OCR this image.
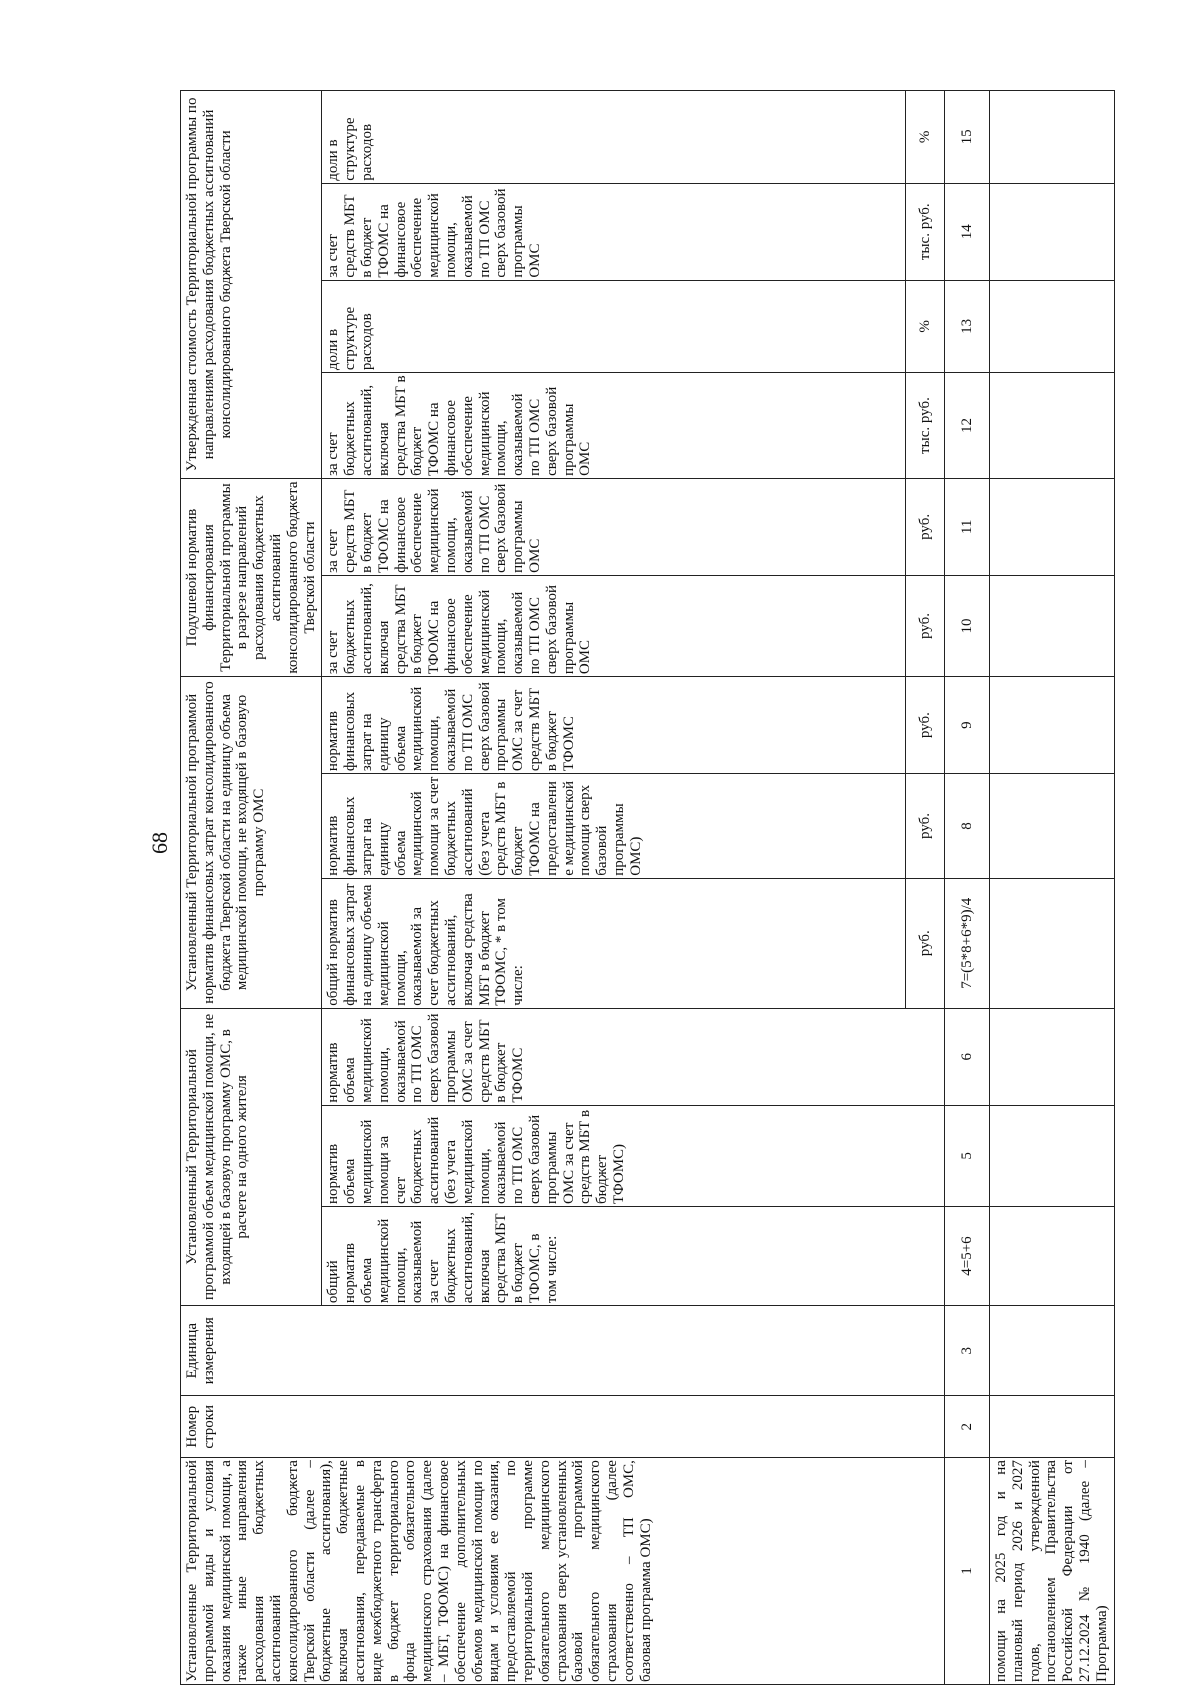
68
Установленные Территориальной программой виды и условия оказания медицинской помощи, а также иные направления расходования бюджетных ассигнований консолидированного бюджета Тверской области (далее – бюджетные ассигнования), включая бюджетные ассигнования, передаваемые в виде межбюджетного трансферта в бюджет территориального фонда обязательного медицинского страхования (далее – МБТ, ТФОМС) на финансовое обеспечение дополнительных объемов медицинской помощи по видам и условиям ее оказания, предоставляемой по территориальной программе обязательного медицинского страхования сверх установленных базовой программой обязательного медицинского страхования (далее соответственно – ТП ОМС, базовая программа ОМС)	Номер строки	Единица измерения	Установленный Территориальной программой объем медицинской помощи, не входящей в базовую программу ОМС, в расчете на одного жителя			Установленный Территориальной программой норматив финансовых затрат консолидированного бюджета Тверской области на единицу объема медицинской помощи, не входящей в базовую программу ОМС			Подушевой норматив финансирования Территориальной программы в разрезе направлений расходования бюджетных ассигнований консолидированного бюджета Тверской области		Утвержденная стоимость Территориальной программы по направлениям расходования бюджетных ассигнований консолидированного бюджета Тверской области			
			общий норматив объема медицинской помощи, оказываемой за счет бюджетных ассигнований, включая средства МБТ в бюджет ТФОМС, в том числе:	норматив объема медицинской помощи за счет бюджетных ассигнований (без учета медицинской помощи, оказываемой по ТП ОМС сверх базовой программы ОМС за счет средств МБТ в бюджет ТФОМС)	норматив объема медицинской помощи, оказываемой по ТП ОМС сверх базовой программы ОМС за счет средств МБТ в бюджет ТФОМС	общий норматив финансовых затрат на единицу объема медицинской помощи, оказываемой за счет бюджетных ассигнований, включая средства МБТ в бюджет ТФОМС, * в том числе:	норматив финансовых затрат на единицу объема медицинской помощи за счет бюджетных ассигнований (без учета средств МБТ в бюджет ТФОМС на предоставление медицинской помощи сверх базовой программы ОМС)	норматив финансовых затрат на единицу объема медицинской помощи, оказываемой по ТП ОМС сверх базовой программы ОМС за счет средств МБТ в бюджет ТФОМС	за счет бюджетных ассигнований, включая средства МБТ в бюджет ТФОМС на финансовое обеспечение медицинской помощи, оказываемой по ТП ОМС сверх базовой программы ОМС	за счет средств МБТ в бюджет ТФОМС на финансовое обеспечение медицинской помощи, оказываемой по ТП ОМС сверх базовой программы ОМС	за счет бюджетных ассигнований, включая средства МБТ в бюджет ТФОМС на финансовое обеспечение медицинской помощи, оказываемой по ТП ОМС сверх базовой программы ОМС	доли в структуре расходов	за счет средств МБТ в бюджет ТФОМС на финансовое обеспечение медицинской помощи, оказываемой по ТП ОМС сверх базовой программы ОМС	доли в структуре расходов
						руб.	руб.	руб.	руб.	руб.	тыс. руб.	%	тыс. руб.	%
1	2	3	4=5+6	5	6	7=(5*8+6*9)/4	8	9	10	11	12	13	14	15
помощи на 2025 год и на плановый период 2026 и 2027 годов, утвержденной постановлением Правительства Российской Федерации от 27.12.2024 № 1940 (далее – Программа)														
